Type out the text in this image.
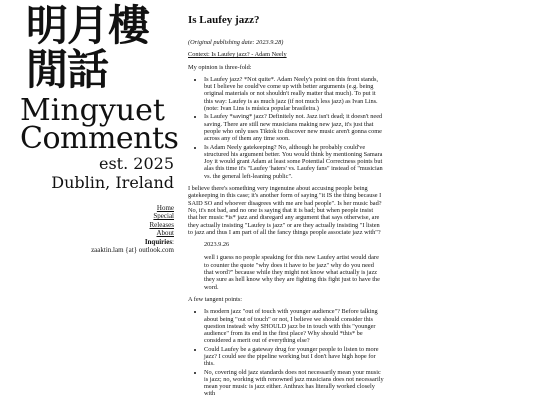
明月樓
閒話
Mingyuet
Comments
est. 2025
Dublin, Ireland
Home
Special
Releases
About
Inquiries:
zaaktin.lam {at} outlook.com
Is Laufey jazz?

(Original publishing date: 2023.9.28)

Context: Is Laufey jazz? - Adam Neely

My opinion is three-fold:

• Is Laufey jazz? *Not quite*. Adam Neely's point on this front stands, but I believe he could've come up with better arguments (e.g. being original materials or not shouldn't really matter that much). To put it this way: Laufey is as much jazz (if not much less jazz) as Ivan Lins. (note: Ivan Lins is música popular brasileira.)
• Is Laufey *saving* jazz? Definitely not. Jazz isn't dead; it doesn't need saving. There are still new musicians making new jazz, it's just that people who only uses Tiktok to discover new music aren't gonna come across any of them any time soon.
• Is Adam Neely gatekeeping? No, although he probably could've structured his argument better. You would think by mentioning Samara Joy it would grant Adam at least some Potential Correctness points but alas this time it's "Laufey 'haters' vs. Laufey fans" instead of "musician vs. the general left-leaning public".

I believe there's something very ingenuine about accusing people being gatekeeping in this case; it's another form of saying "it IS the thing because I SAID SO and whoever disagrees with me are bad people". Is her music bad? No, it's not bad, and no one is saying that it is bad; but when people insist that her music *is* jazz and disregard any argument that says otherwise, are they actually insisting "Laufey is jazz" or are they actually insisting "I listen to jazz and thus I am part of all the fancy things people associate jazz with"?

2023.9.26
well i guess no people speaking for this new Laufey artist would dare to counter the quote "why does it have to be jazz" why do you need that word?" because while they might not know what actually is jazz they sure as hell know why they are fighting this fight just to have the word.

A few tangent points:

• Is modern jazz "out of touch with younger audience"? Before talking about being "out of touch" or not, I believe we should consider this question instead: why SHOULD jazz be in touch with this "younger audience" from its end in the first place? Why should *this* be considered a merit out of everything else?
• Could Laufey be a gateway drug for younger people to listen to more jazz? I could see the pipeline working but I don't have high hope for this.
• No, covering old jazz standards does not necessarily mean your music is jazz; no, working with renowned jazz musicians does not necessarily mean your music is jazz either. Anthrax has literally worked closely with
